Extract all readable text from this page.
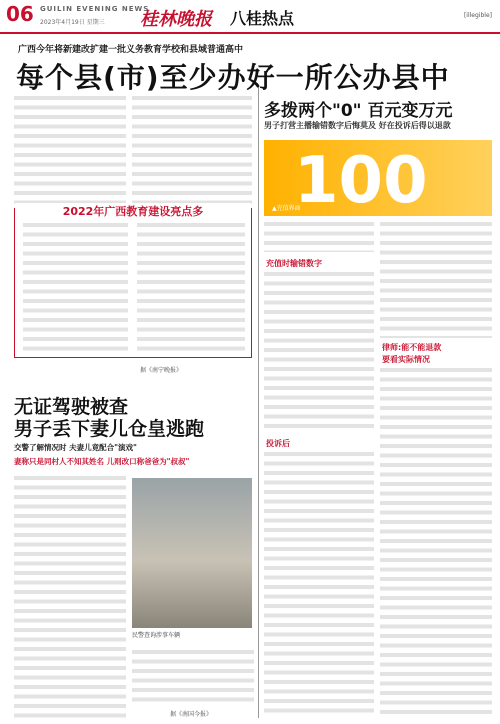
06 GUILIN EVENING NEWS
2023年4月19日 星期三 桂林晚报 八桂热点	[illegible]
广西今年将新建改扩建一批义务教育学校和县域普通高中
每个县(市)至少办好一所公办县中
2022年广西教育建设亮点多
据《南宁晚报》
无证驾驶被查
男子丢下妻儿仓皇逃跑
交警了解情况时 夫妻儿竟配合"演戏"
妻称只是同村人不知其姓名 儿则改口称爸爸为"叔叔"
民警查询涉事车辆
据《南国今报》
多拨两个"0" 百元变万元
男子打营主播输错数字后悔莫及 好在投诉后得以退款
100
▲充值界面
充值时输错数字
投诉后
律师:能不能退款
要看实际情况
